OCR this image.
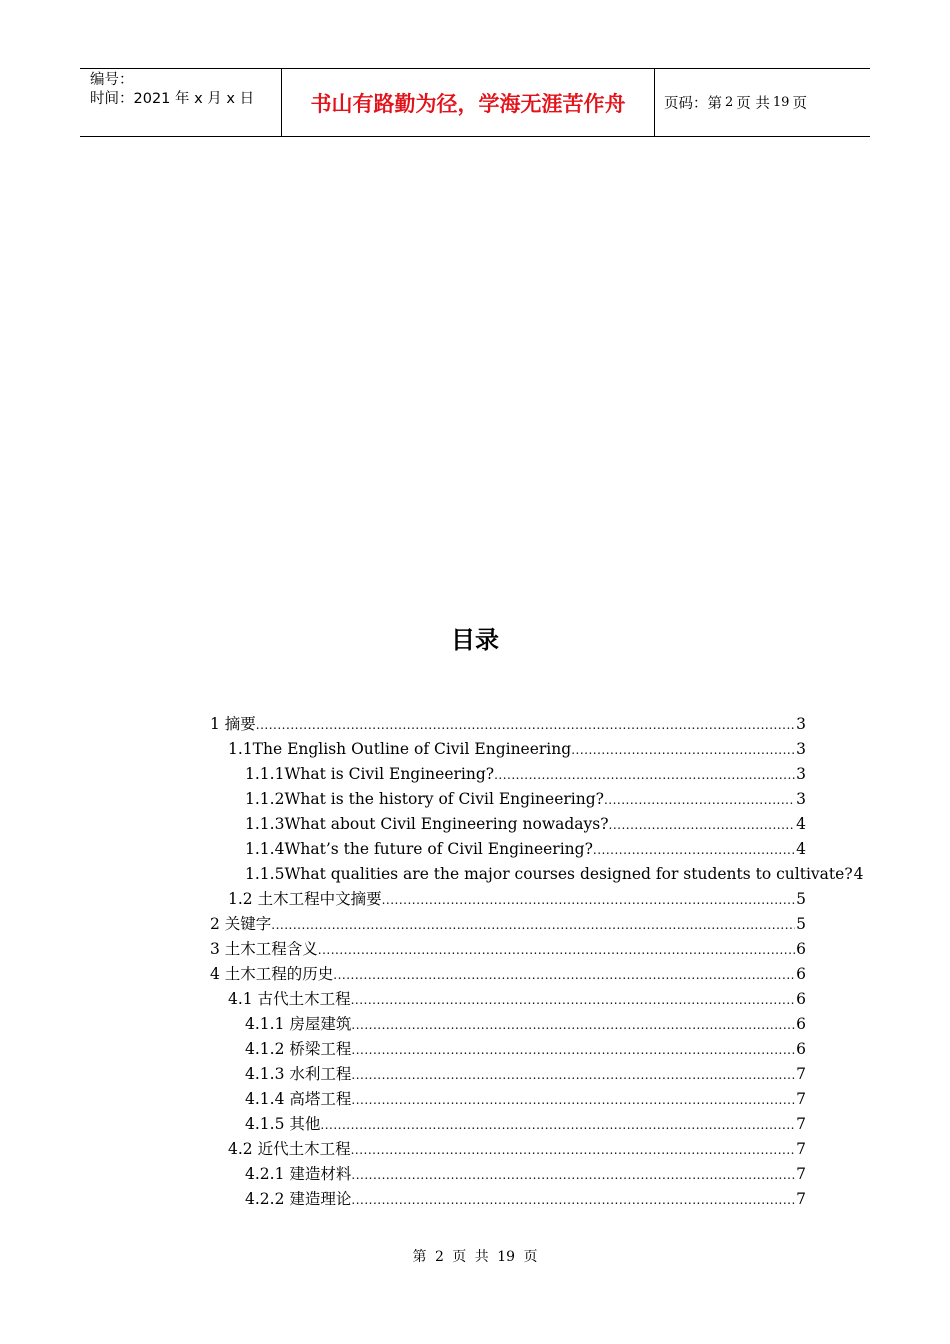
编号：
时间：2021 年 x 月 x 日	书山有路勤为径，学海无涯苦作舟	页码：第 2 页 共 19 页
目录
1 摘要 .....	3
1.1The English Outline of Civil Engineering .....	3
1.1.1What is Civil Engineering? .....	3
1.1.2What is the history of Civil Engineering? .....	3
1.1.3What about Civil Engineering nowadays? .....	4
1.1.4What’s the future of Civil Engineering? .....	4
1.1.5What qualities are the major courses designed for students to cultivate? 4
1.2 土木工程中文摘要 .....	5
2 关键字 .....	5
3 土木工程含义 .....	6
4 土木工程的历史 .....	6
4.1 古代土木工程 .....	6
4.1.1 房屋建筑 .....	6
4.1.2 桥梁工程 .....	6
4.1.3 水利工程 .....	7
4.1.4 高塔工程 .....	7
4.1.5 其他 .....	7
4.2 近代土木工程 .....	7
4.2.1 建造材料 .....	7
4.2.2 建造理论 .....	7
第 2 页 共 19 页
